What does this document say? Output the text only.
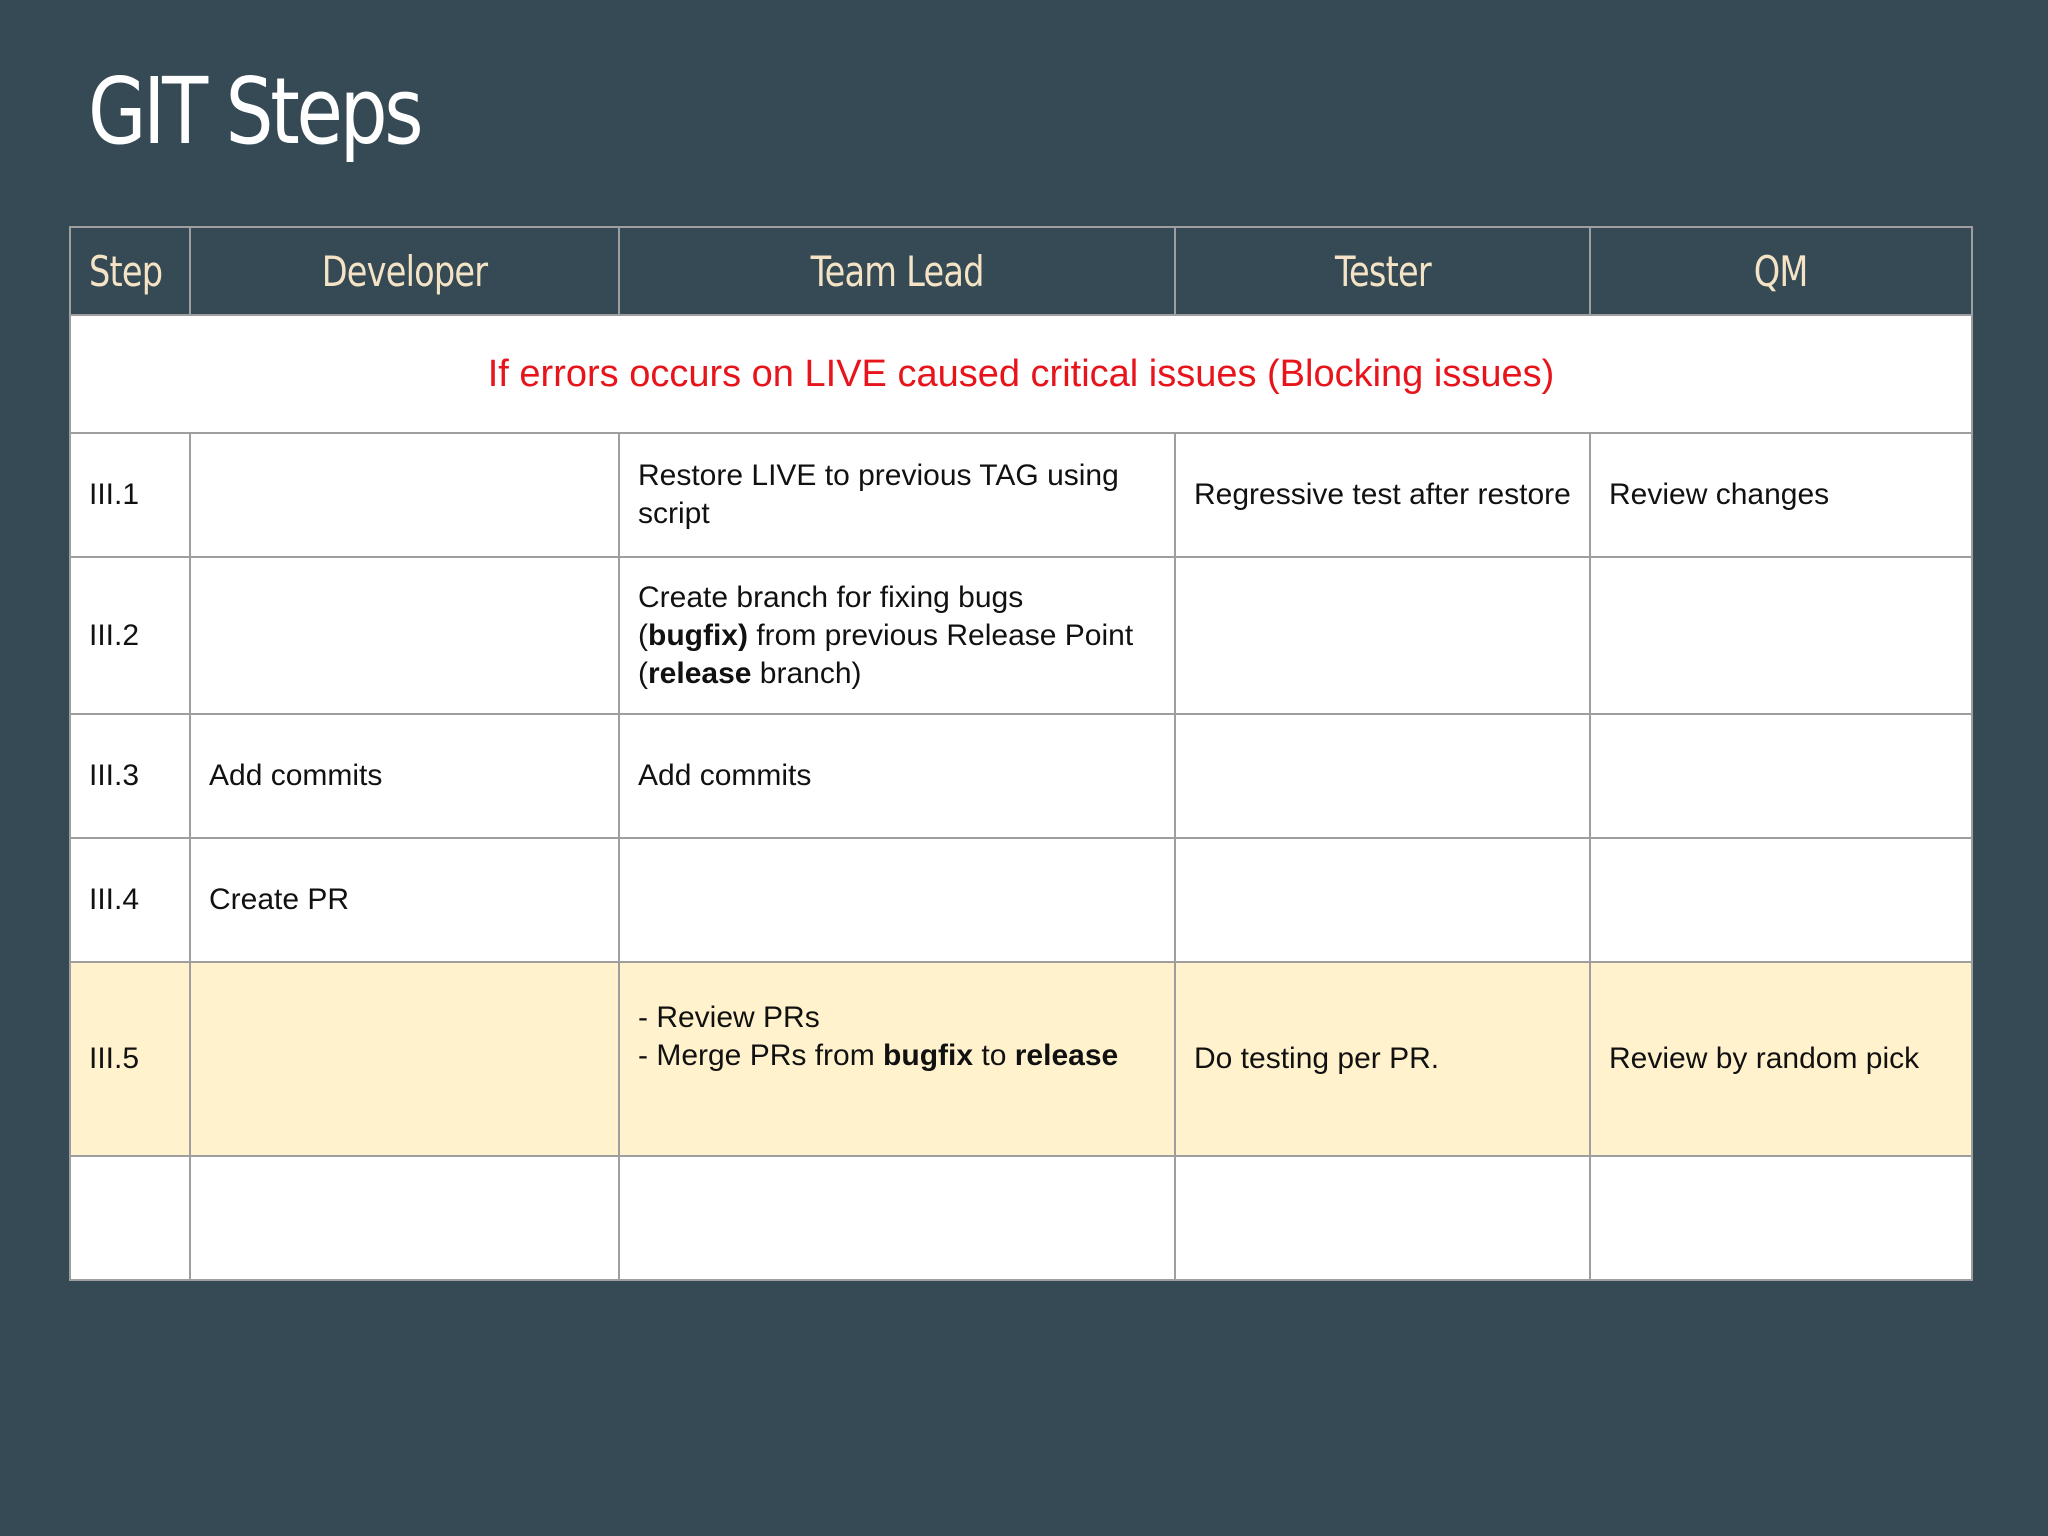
GIT Steps
Step	Developer	Team Lead	Tester	QM
If errors occurs on LIVE caused critical issues (Blocking issues)				
III.1		Restore LIVE to previous TAG using script	Regressive test after restore	Review changes
III.2		Create branch for fixing bugs
(bugfix) from previous Release Point
(release branch)		
III.3	Add commits	Add commits		
III.4	Create PR			
III.5		- Review PRs
- Merge PRs from bugfix to release	Do testing per PR.	Review by random pick
